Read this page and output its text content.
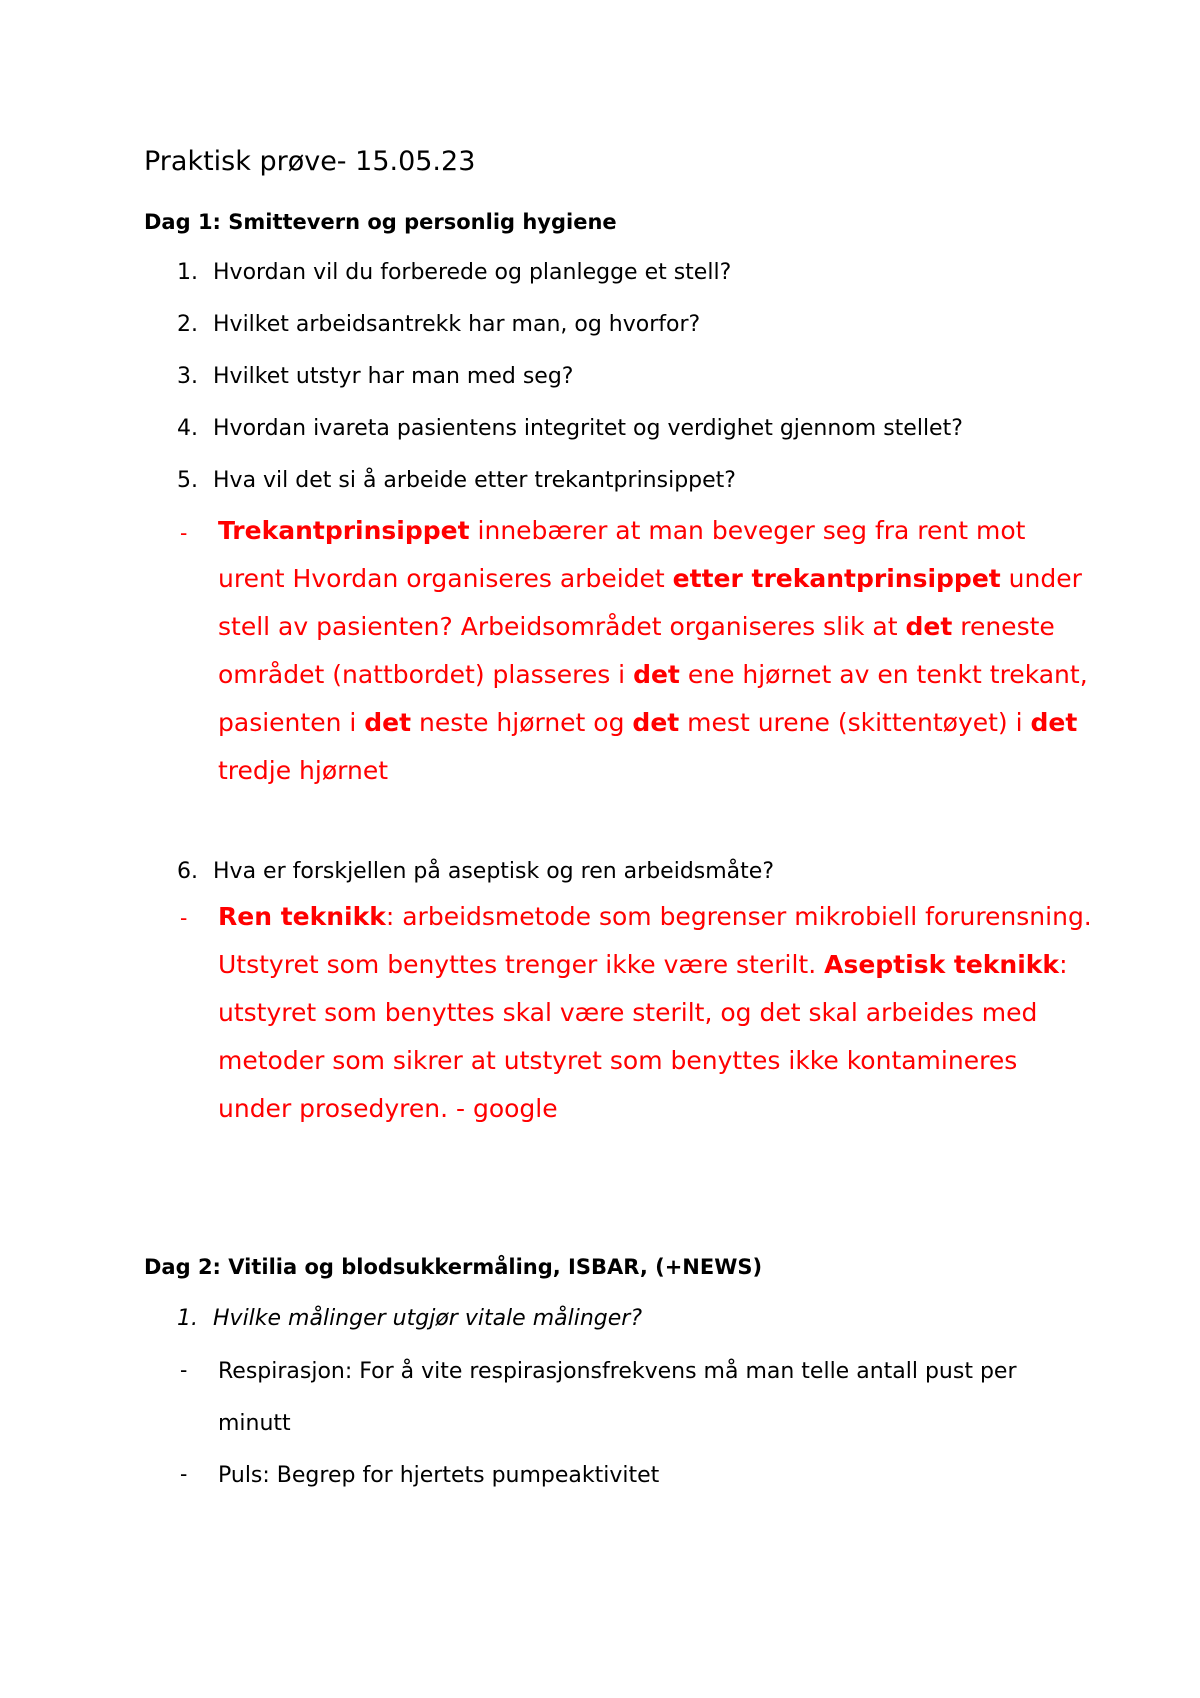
Praktisk prøve- 15.05.23
Dag 1: Smittevern og personlig hygiene
1. Hvordan vil du forberede og planlegge et stell?
2. Hvilket arbeidsantrekk har man, og hvorfor?
3. Hvilket utstyr har man med seg?
4. Hvordan ivareta pasientens integritet og verdighet gjennom stellet?
5. Hva vil det si å arbeide etter trekantprinsippet?
- Trekantprinsippet innebærer at man beveger seg fra rent mot urent Hvordan organiseres arbeidet etter trekantprinsippet under stell av pasienten? Arbeidsområdet organiseres slik at det reneste området (nattbordet) plasseres i det ene hjørnet av en tenkt trekant, pasienten i det neste hjørnet og det mest urene (skittentøyet) i det tredje hjørnet
6. Hva er forskjellen på aseptisk og ren arbeidsmåte?
- Ren teknikk: arbeidsmetode som begrenser mikrobiell forurensning. Utstyret som benyttes trenger ikke være sterilt. Aseptisk teknikk: utstyret som benyttes skal være sterilt, og det skal arbeides med metoder som sikrer at utstyret som benyttes ikke kontamineres under prosedyren. - google
Dag 2: Vitilia og blodsukkermåling, ISBAR, (+NEWS)
1. Hvilke målinger utgjør vitale målinger?
- Respirasjon: For å vite respirasjonsfrekvens må man telle antall pust per
minutt
- Puls: Begrep for hjertets pumpeaktivitet
